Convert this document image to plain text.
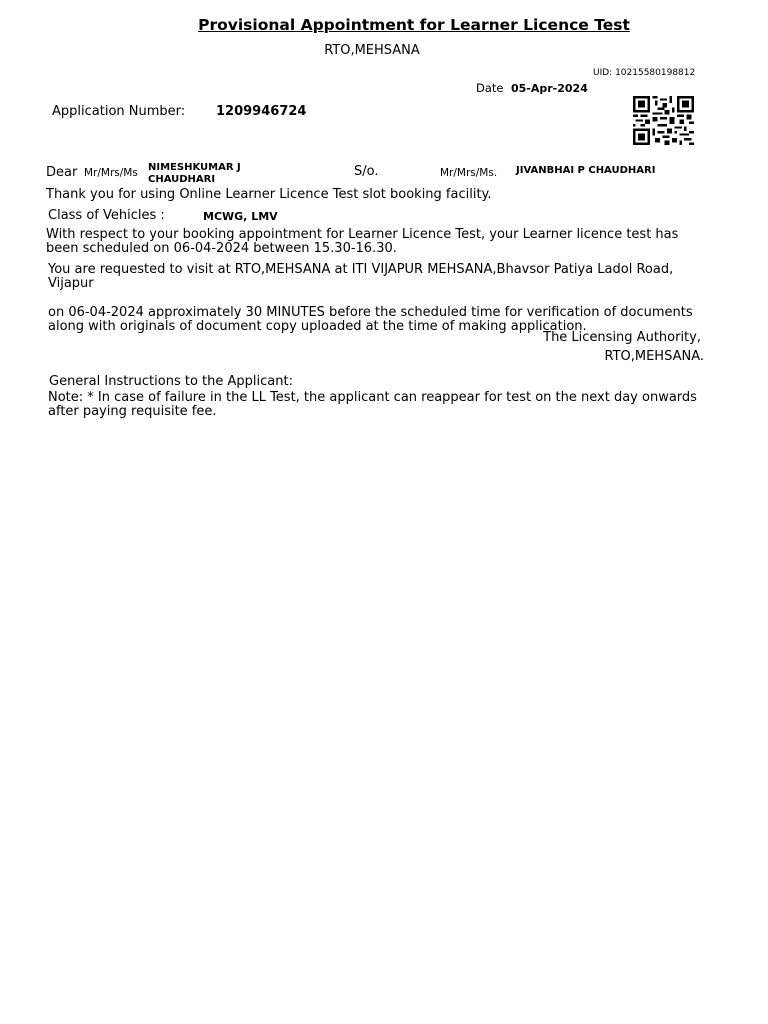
Provisional Appointment for Learner Licence Test
RTO,MEHSANA
UID: 10215580198812
Date 05-Apr-2024
Application Number: 1209946724
Dear Mr/Mrs/Ms NIMESHKUMAR J CHAUDHARI
S/o.	Mr/Mrs/Ms. JIVANBHAI P CHAUDHARI
Thank you for using Online Learner Licence Test slot booking facility.
Class of Vehicles :	MCWG, LMV
With respect to your booking appointment for Learner Licence Test, your Learner licence test has been scheduled on 06-04-2024 between 15.30-16.30.
You are requested to visit at RTO,MEHSANA at ITI VIJAPUR MEHSANA,Bhavsor Patiya Ladol Road, Vijapur
on 06-04-2024 approximately 30 MINUTES before the scheduled time for verification of documents along with originals of document copy uploaded at the time of making application.
The Licensing Authority,
RTO,MEHSANA.
General Instructions to the Applicant:
Note: * In case of failure in the LL Test, the applicant can reappear for test on the next day onwards after paying requisite fee.
